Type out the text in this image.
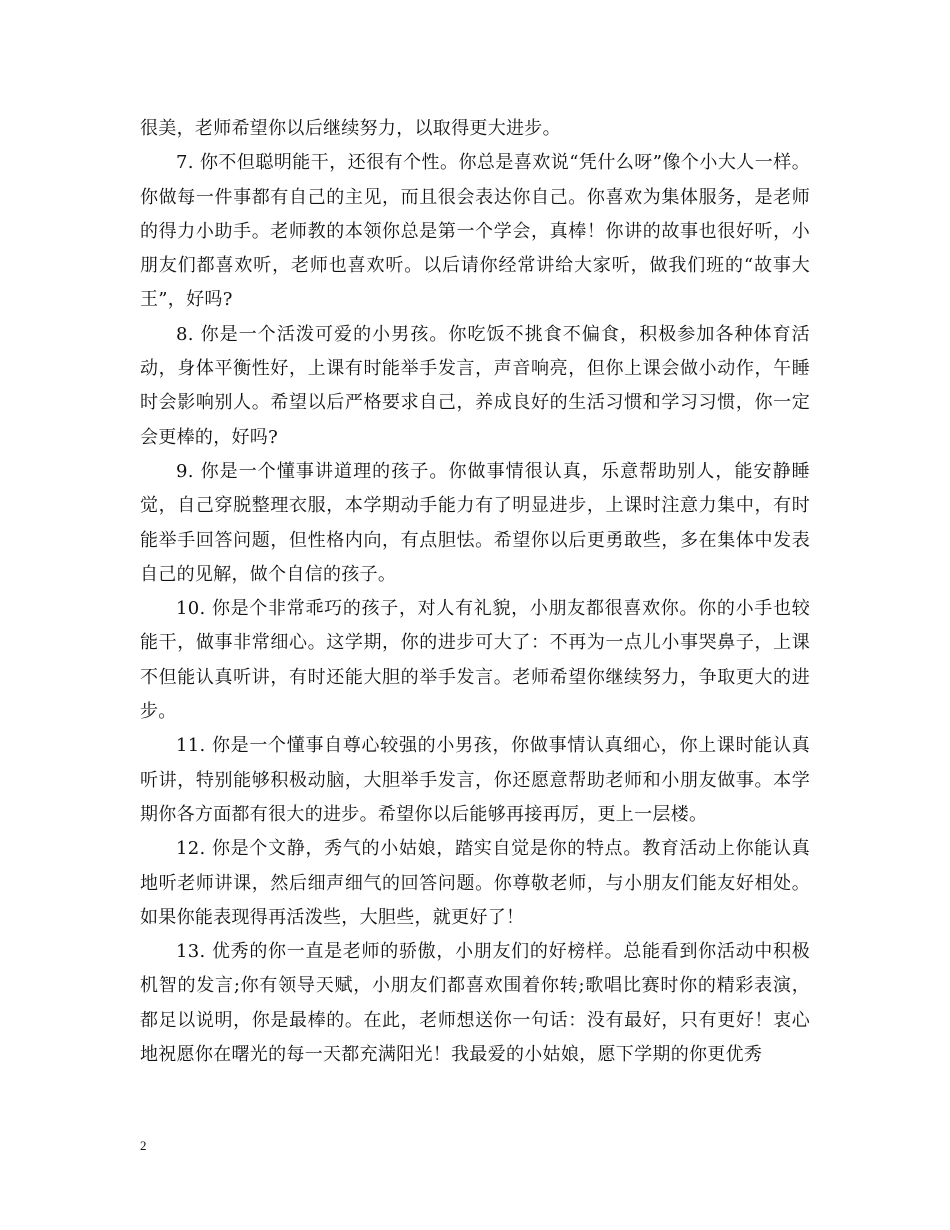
很美，老师希望你以后继续努力，以取得更大进步。

7. 你不但聪明能干，还很有个性。你总是喜欢说“凭什么呀”像个小大人一样。你做每一件事都有自己的主见，而且很会表达你自己。你喜欢为集体服务，是老师的得力小助手。老师教的本领你总是第一个学会，真棒！你讲的故事也很好听，小朋友们都喜欢听，老师也喜欢听。以后请你经常讲给大家听，做我们班的“故事大王”，好吗?

8. 你是一个活泼可爱的小男孩。你吃饭不挑食不偏食，积极参加各种体育活动，身体平衡性好，上课有时能举手发言，声音响亮，但你上课会做小动作，午睡时会影响别人。希望以后严格要求自己，养成良好的生活习惯和学习习惯，你一定会更棒的，好吗?

9. 你是一个懂事讲道理的孩子。你做事情很认真，乐意帮助别人，能安静睡觉，自己穿脱整理衣服，本学期动手能力有了明显进步，上课时注意力集中，有时能举手回答问题，但性格内向，有点胆怯。希望你以后更勇敢些，多在集体中发表自己的见解，做个自信的孩子。

10. 你是个非常乖巧的孩子，对人有礼貌，小朋友都很喜欢你。你的小手也较能干，做事非常细心。这学期，你的进步可大了：不再为一点儿小事哭鼻子，上课不但能认真听讲，有时还能大胆的举手发言。老师希望你继续努力，争取更大的进步。

11. 你是一个懂事自尊心较强的小男孩，你做事情认真细心，你上课时能认真听讲，特别能够积极动脑，大胆举手发言，你还愿意帮助老师和小朋友做事。本学期你各方面都有很大的进步。希望你以后能够再接再厉，更上一层楼。

12. 你是个文静，秀气的小姑娘，踏实自觉是你的特点。教育活动上你能认真地听老师讲课，然后细声细气的回答问题。你尊敬老师，与小朋友们能友好相处。如果你能表现得再活泼些，大胆些，就更好了！

13. 优秀的你一直是老师的骄傲，小朋友们的好榜样。总能看到你活动中积极机智的发言;你有领导天赋，小朋友们都喜欢围着你转;歌唱比赛时你的精彩表演，都足以说明，你是最棒的。在此，老师想送你一句话：没有最好，只有更好！衷心地祝愿你在曙光的每一天都充满阳光！我最爱的小姑娘，愿下学期的你更优秀

2
